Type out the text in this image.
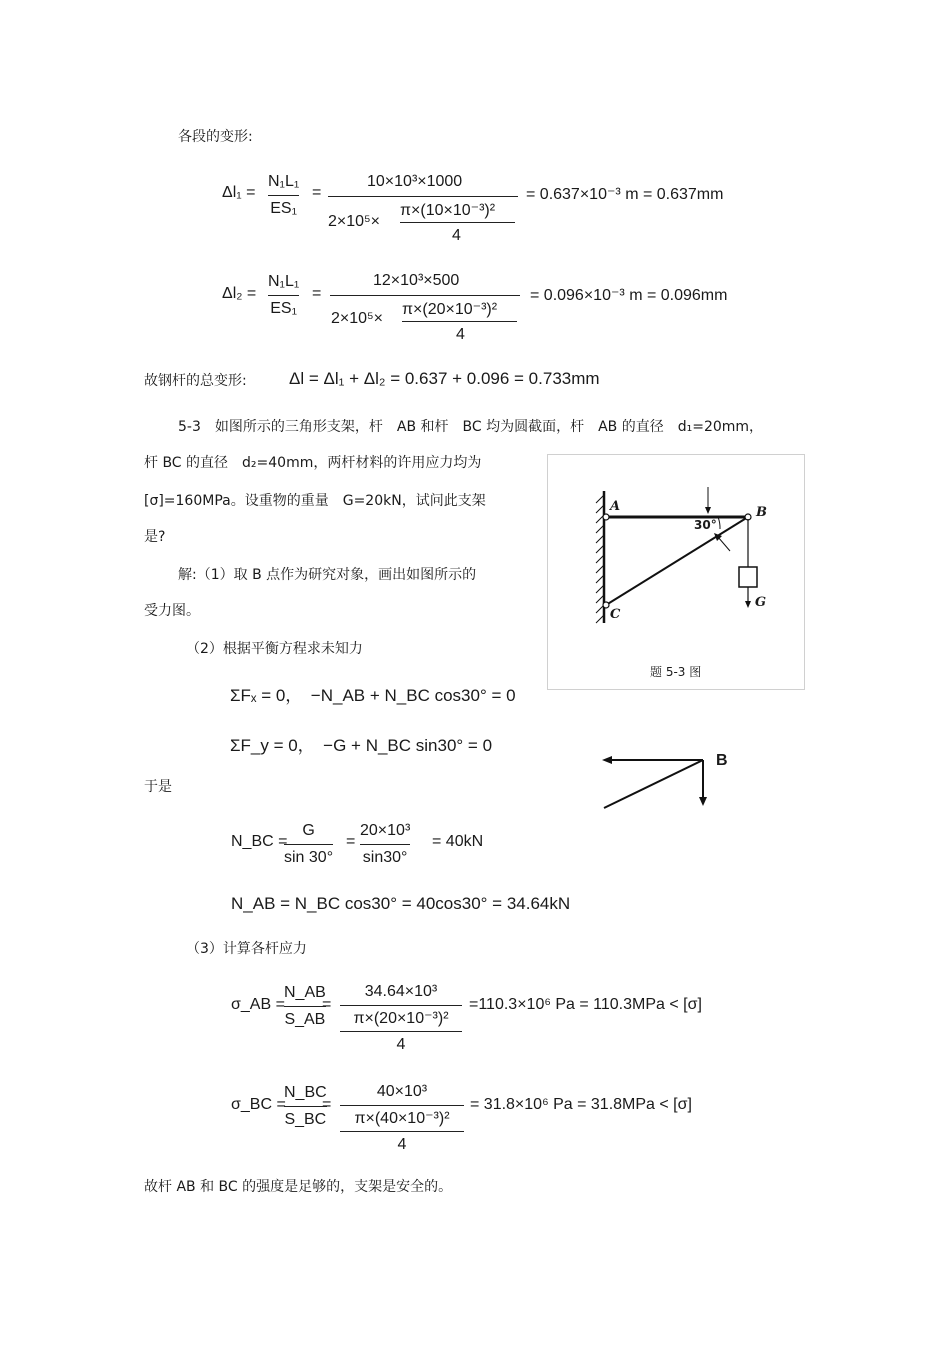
各段的变形:
Δl₁ =
N₁L₁
ES₁
=
10×10³×1000
2×10⁵×
π×(10×10⁻³)²
4
= 0.637×10⁻³ m = 0.637mm
Δl₂ =
N₁L₁
ES₁
=
12×10³×500
2×10⁵×
π×(20×10⁻³)²
4
= 0.096×10⁻³ m = 0.096mm
故钢杆的总变形: Δl = Δl₁ + Δl₂ = 0.637 + 0.096 = 0.733mm
5-3　如图所示的三角形支架，杆　AB 和杆　BC 均为圆截面，杆　AB 的直径　d₁=20mm，
杆 BC 的直径　d₂=40mm，两杆材料的许用应力均为
[σ]=160MPa。设重物的重量　G=20kN，试问此支架
是?
解:（1）取 B 点作为研究对象，画出如图所示的
受力图。
（2）根据平衡方程求未知力
A	B
C
G
30°
题 5-3 图
ΣFₓ = 0，　−N_AB + N_BC cos30° = 0
ΣF_y = 0，　−G + N_BC sin30° = 0
B
于是
N_BC =
G
sin 30°
=
20×10³
sin30°
= 40kN
N_AB = N_BC cos30° = 40cos30° = 34.64kN
（3）计算各杆应力
σ_AB =
N_AB
S_AB
=
34.64×10³
π×(20×10⁻³)²
4
=110.3×10⁶ Pa = 110.3MPa < [σ]
σ_BC =
N_BC
S_BC
=
40×10³
π×(40×10⁻³)²
4
= 31.8×10⁶ Pa = 31.8MPa < [σ]
故杆 AB 和 BC 的强度是足够的，支架是安全的。
